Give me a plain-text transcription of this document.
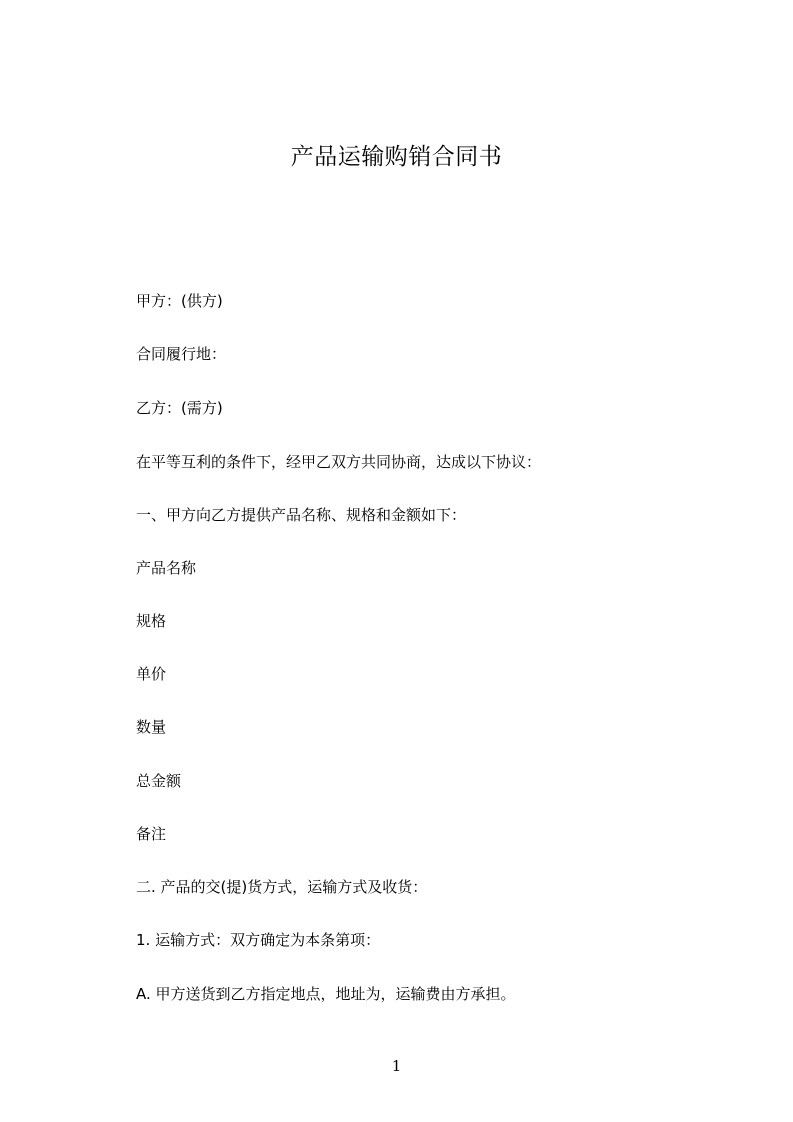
产品运输购销合同书
甲方：(供方)
合同履行地：
乙方：(需方)
在平等互利的条件下，经甲乙双方共同协商，达成以下协议：
一、甲方向乙方提供产品名称、规格和金额如下：
产品名称
规格
单价
数量
总金额
备注
二. 产品的交(提)货方式，运输方式及收货：
1. 运输方式：双方确定为本条第项：
A. 甲方送货到乙方指定地点，地址为，运输费由方承担。
1
